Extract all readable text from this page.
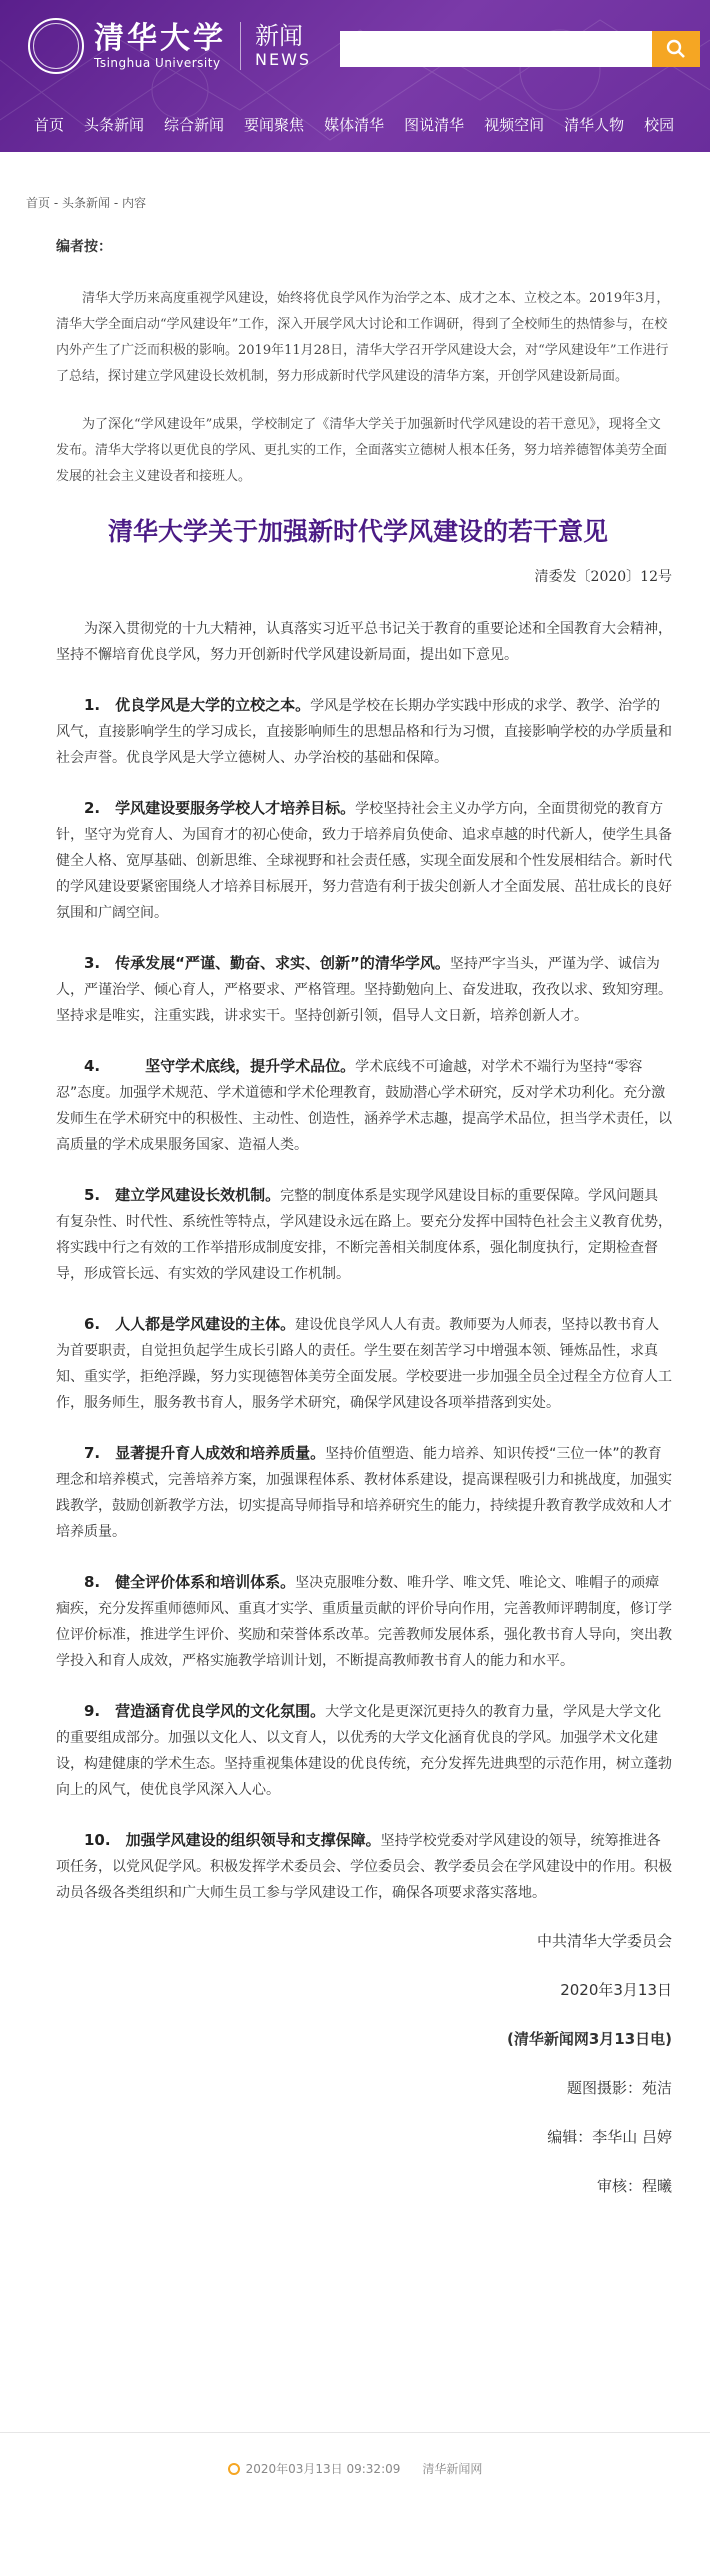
清华大学
Tsinghua University
新闻
NEWS
首页 头条新闻 综合新闻 要闻聚焦 媒体清华 图说清华 视频空间 清华人物 校园
首页 - 头条新闻 - 内容
编者按：

清华大学历来高度重视学风建设，始终将优良学风作为治学之本、成才之本、立校之本。2019年3月，清华大学全面启动“学风建设年”工作，深入开展学风大讨论和工作调研，得到了全校师生的热情参与，在校内外产生了广泛而积极的影响。2019年11月28日，清华大学召开学风建设大会，对“学风建设年”工作进行了总结，探讨建立学风建设长效机制，努力形成新时代学风建设的清华方案，开创学风建设新局面。

为了深化“学风建设年”成果，学校制定了《清华大学关于加强新时代学风建设的若干意见》，现将全文发布。清华大学将以更优良的学风、更扎实的工作，全面落实立德树人根本任务，努力培养德智体美劳全面发展的社会主义建设者和接班人。

清华大学关于加强新时代学风建设的若干意见
清委发〔2020〕12号

为深入贯彻党的十九大精神，认真落实习近平总书记关于教育的重要论述和全国教育大会精神，坚持不懈培育优良学风，努力开创新时代学风建设新局面，提出如下意见。

1.　优良学风是大学的立校之本。学风是学校在长期办学实践中形成的求学、教学、治学的风气，直接影响学生的学习成长，直接影响师生的思想品格和行为习惯，直接影响学校的办学质量和社会声誉。优良学风是大学立德树人、办学治校的基础和保障。

2.　学风建设要服务学校人才培养目标。学校坚持社会主义办学方向，全面贯彻党的教育方针，坚守为党育人、为国育才的初心使命，致力于培养肩负使命、追求卓越的时代新人，使学生具备健全人格、宽厚基础、创新思维、全球视野和社会责任感，实现全面发展和个性发展相结合。新时代的学风建设要紧密围绕人才培养目标展开，努力营造有利于拔尖创新人才全面发展、茁壮成长的良好氛围和广阔空间。

3.　传承发展“严谨、勤奋、求实、创新”的清华学风。坚持严字当头，严谨为学、诚信为人，严谨治学、倾心育人，严格要求、严格管理。坚持勤勉向上、奋发进取，孜孜以求、致知穷理。坚持求是唯实，注重实践，讲求实干。坚持创新引领，倡导人文日新，培养创新人才。

4.　　　坚守学术底线，提升学术品位。学术底线不可逾越，对学术不端行为坚持“零容忍”态度。加强学术规范、学术道德和学术伦理教育，鼓励潜心学术研究，反对学术功利化。充分激发师生在学术研究中的积极性、主动性、创造性，涵养学术志趣，提高学术品位，担当学术责任，以高质量的学术成果服务国家、造福人类。

5.　建立学风建设长效机制。完整的制度体系是实现学风建设目标的重要保障。学风问题具有复杂性、时代性、系统性等特点，学风建设永远在路上。要充分发挥中国特色社会主义教育优势，将实践中行之有效的工作举措形成制度安排，不断完善相关制度体系，强化制度执行，定期检查督导，形成管长远、有实效的学风建设工作机制。

6.　人人都是学风建设的主体。建设优良学风人人有责。教师要为人师表，坚持以教书育人为首要职责，自觉担负起学生成长引路人的责任。学生要在刻苦学习中增强本领、锤炼品性，求真知、重实学，拒绝浮躁，努力实现德智体美劳全面发展。学校要进一步加强全员全过程全方位育人工作，服务师生，服务教书育人，服务学术研究，确保学风建设各项举措落到实处。

7.　显著提升育人成效和培养质量。坚持价值塑造、能力培养、知识传授“三位一体”的教育理念和培养模式，完善培养方案，加强课程体系、教材体系建设，提高课程吸引力和挑战度，加强实践教学，鼓励创新教学方法，切实提高导师指导和培养研究生的能力，持续提升教育教学成效和人才培养质量。

8.　健全评价体系和培训体系。坚决克服唯分数、唯升学、唯文凭、唯论文、唯帽子的顽瘴痼疾，充分发挥重师德师风、重真才实学、重质量贡献的评价导向作用，完善教师评聘制度，修订学位评价标准，推进学生评价、奖励和荣誉体系改革。完善教师发展体系，强化教书育人导向，突出教学投入和育人成效，严格实施教学培训计划，不断提高教师教书育人的能力和水平。

9.　营造涵育优良学风的文化氛围。大学文化是更深沉更持久的教育力量，学风是大学文化的重要组成部分。加强以文化人、以文育人，以优秀的大学文化涵育优良的学风。加强学术文化建设，构建健康的学术生态。坚持重视集体建设的优良传统，充分发挥先进典型的示范作用，树立蓬勃向上的风气，使优良学风深入人心。

10.　加强学风建设的组织领导和支撑保障。坚持学校党委对学风建设的领导，统筹推进各项任务，以党风促学风。积极发挥学术委员会、学位委员会、教学委员会在学风建设中的作用。积极动员各级各类组织和广大师生员工参与学风建设工作，确保各项要求落实落地。

中共清华大学委员会
2020年3月13日
(清华新闻网3月13日电)
题图摄影：苑洁
编辑：李华山 吕婷
审核：程曦
2020年03月13日 09:32:09 清华新闻网
